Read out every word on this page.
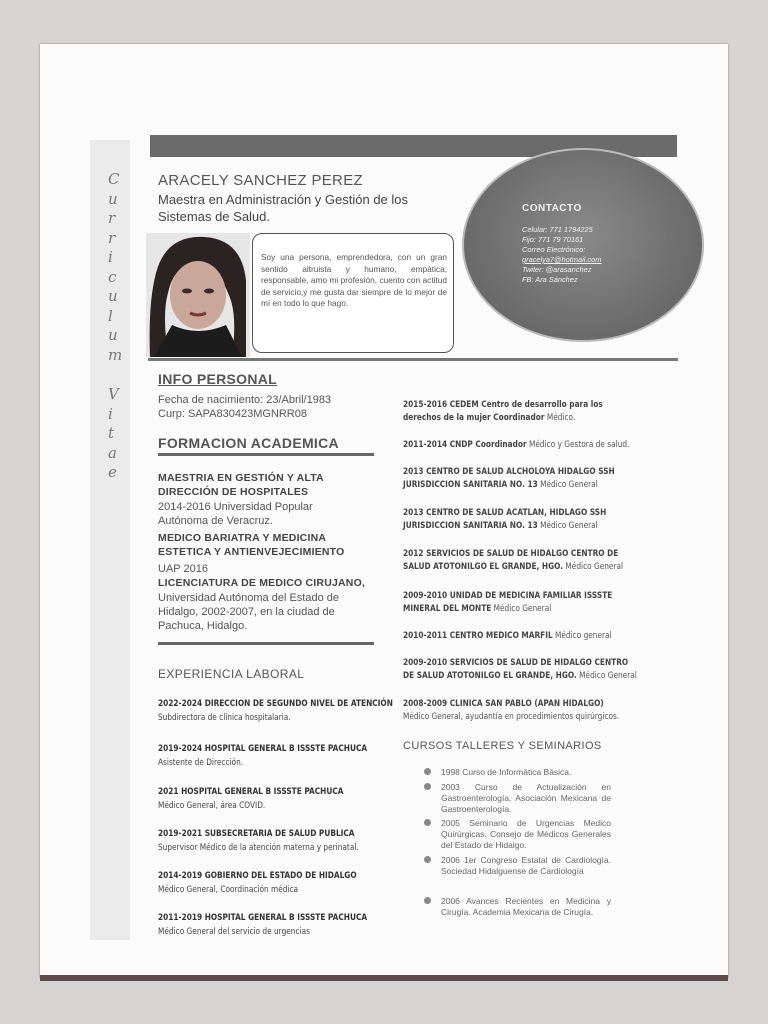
C
u
r
r
i
c
u
l
u
m
V
i
t
a
e
ARACELY SANCHEZ PEREZ
Maestra en Administración y Gestión de los Sistemas de Salud.

Soy una persona, emprendedora, con un gran sentido altruista y humano, empática, responsable, amo mi profesión, cuento con actitud de servicio,y me gusta dar siempre de lo mejor de mí en todo lo que hago.

CONTACTO
Celular: 771 1794225
Fijo: 771 79 70161
Correo Electrónico:
gracelya7@hotmail.com
Twiter: @arasanchez
FB: Ara Sánchez
INFO PERSONAL
Fecha de nacimiento: 23/Abril/1983
Curp: SAPA830423MGNRR08
FORMACION ACADEMICA
MAESTRIA EN GESTIÓN Y ALTA DIRECCIÓN DE HOSPITALES
2014-2016 Universidad Popular Autónoma de Veracruz.
MEDICO BARIATRA Y MEDICINA ESTETICA Y ANTIENVEJECIMIENTO
UAP 2016
LICENCIATURA DE MEDICO CIRUJANO,
Universidad Autónoma del Estado de Hidalgo, 2002-2007, en la ciudad de Pachuca, Hidalgo.
EXPERIENCIA LABORAL
2022-2024 DIRECCION DE SEGUNDO NIVEL DE ATENCIÓN
Subdirectora de clínica hospitalaria.
2019-2024 HOSPITAL GENERAL B ISSSTE PACHUCA
Asistente de Dirección.
2021 HOSPITAL GENERAL B ISSSTE PACHUCA
Médico General, área COVID.
2019-2021 SUBSECRETARIA DE SALUD PUBLICA
Supervisor Médico de la atención materna y perinatal.
2014-2019 GOBIERNO DEL ESTADO DE HIDALGO
Médico General, Coordinación médica
2011-2019 HOSPITAL GENERAL B ISSSTE PACHUCA
Médico General del servicio de urgencias
2015-2016 CEDEM Centro de desarrollo para los
derechos de la mujer Coordinador Médico.
2011-2014 CNDP Coordinador Médico y Gestora de salud.
2013 CENTRO DE SALUD ALCHOLOYA HIDALGO SSH
JURISDICCION SANITARIA NO. 13 Médico General
2013 CENTRO DE SALUD ACATLAN, HIDLAGO SSH
JURISDICCION SANITARIA NO. 13 Médico General
2012 SERVICIOS DE SALUD DE HIDALGO CENTRO DE
SALUD ATOTONILGO EL GRANDE, HGO. Médico General
2009-2010 UNIDAD DE MEDICINA FAMILIAR ISSSTE
MINERAL DEL MONTE Médico General
2010-2011 CENTRO MEDICO MARFIL Médico general
2009-2010 SERVICIOS DE SALUD DE HIDALGO CENTRO
DE SALUD ATOTONILGO EL GRANDE, HGO. Médico General
2008-2009 CLINICA SAN PABLO (APAN HIDALGO)
Médico General, ayudantía en procedimientos quirúrgicos.
CURSOS TALLERES Y SEMINARIOS
1998 Curso de Informática Básica.
2003 Curso de Actualización en Gastroenterología. Asociación Mexicana de Gastroenterología.
2005 Seminario de Urgencias Medico Quirúrgicas. Consejo de Médicos Generales del Estado de Hidalgo.
2006 1er Congreso Estatal de Cardiología. Sociedad Hidalguense de Cardiología
2006 Avances Recientes en Medicina y Cirugía. Academia Mexicana de Cirugía.
